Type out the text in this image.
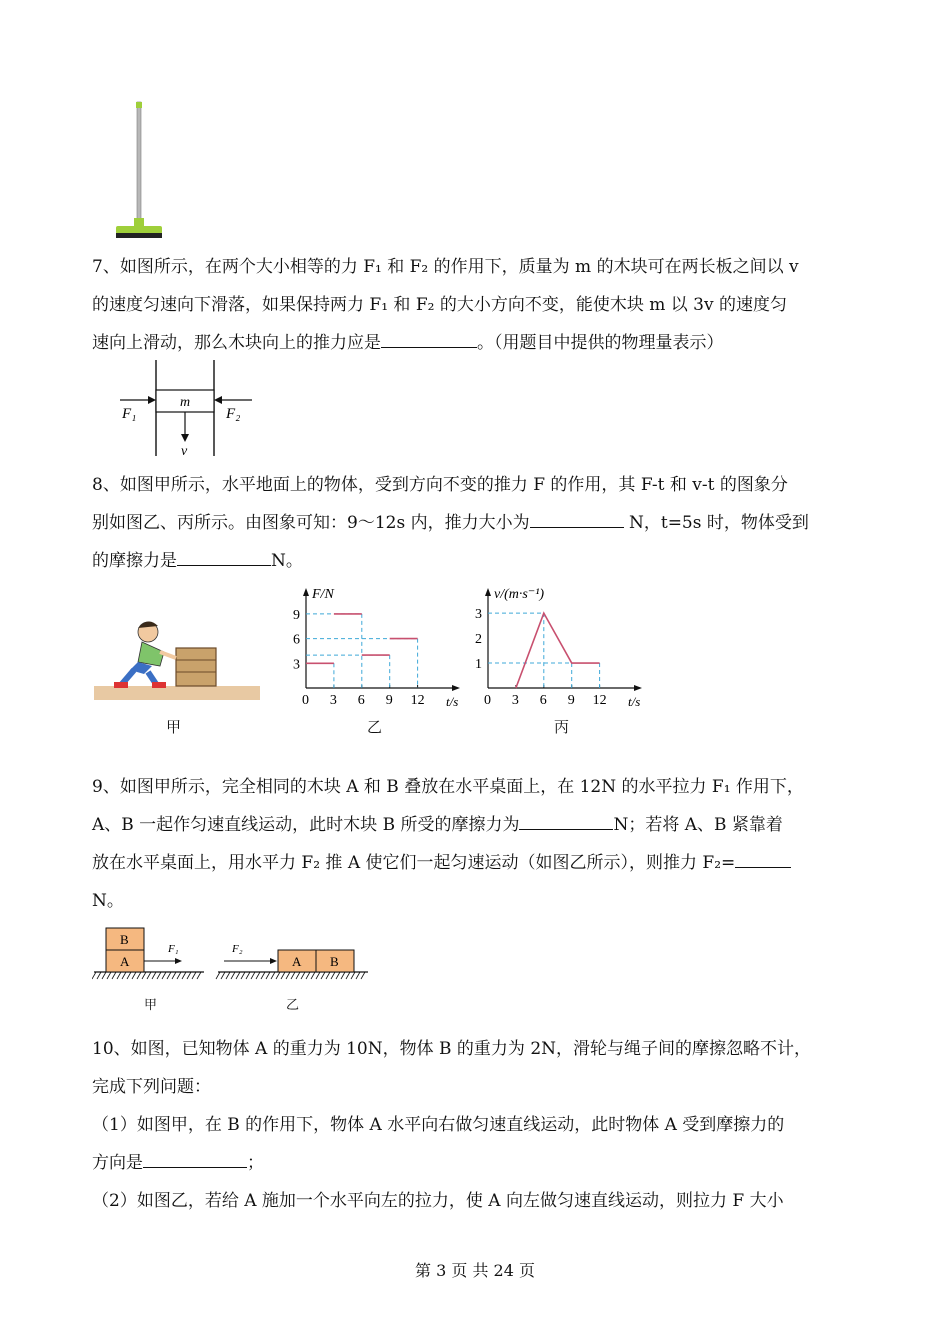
7、如图所示，在两个大小相等的力 F₁ 和 F₂ 的作用下，质量为 m 的木块可在两长板之间以 v
的速度匀速向下滑落，如果保持两力 F₁ 和 F₂ 的大小方向不变，能使木块 m 以 3v 的速度匀
速向上滑动，那么木块向上的推力应是	。（用题目中提供的物理量表示）
m
F₁	F₂
v
8、如图甲所示，水平地面上的物体，受到方向不变的推力 F 的作用，其 F-t 和 v-t 的图象分
别如图乙、丙所示。由图象可知：9～12s 内，推力大小为	N，t=5s 时，物体受到
的摩擦力是	N。
甲
F/N
t/s
0 3 6 9 12
3
6
9
乙
v/(m·s⁻¹)
t/s
0 3 6 9 12
1
2
3
丙
9、如图甲所示，完全相同的木块 A 和 B 叠放在水平桌面上，在 12N 的水平拉力 F₁ 作用下，
A、B 一起作匀速直线运动，此时木块 B 所受的摩擦力为	N；若将 A、B 紧靠着
放在水平桌面上，用水平力 F₂ 推 A 使它们一起匀速运动（如图乙所示），则推力 F₂=
N。
B
A
F₁
A B
F₂
甲	乙
10、如图，已知物体 A 的重力为 10N，物体 B 的重力为 2N，滑轮与绳子间的摩擦忽略不计，
完成下列问题：
（1）如图甲，在 B 的作用下，物体 A 水平向右做匀速直线运动，此时物体 A 受到摩擦力的
方向是	；
（2）如图乙，若给 A 施加一个水平向左的拉力，使 A 向左做匀速直线运动，则拉力 F 大小
第 3 页 共 24 页
